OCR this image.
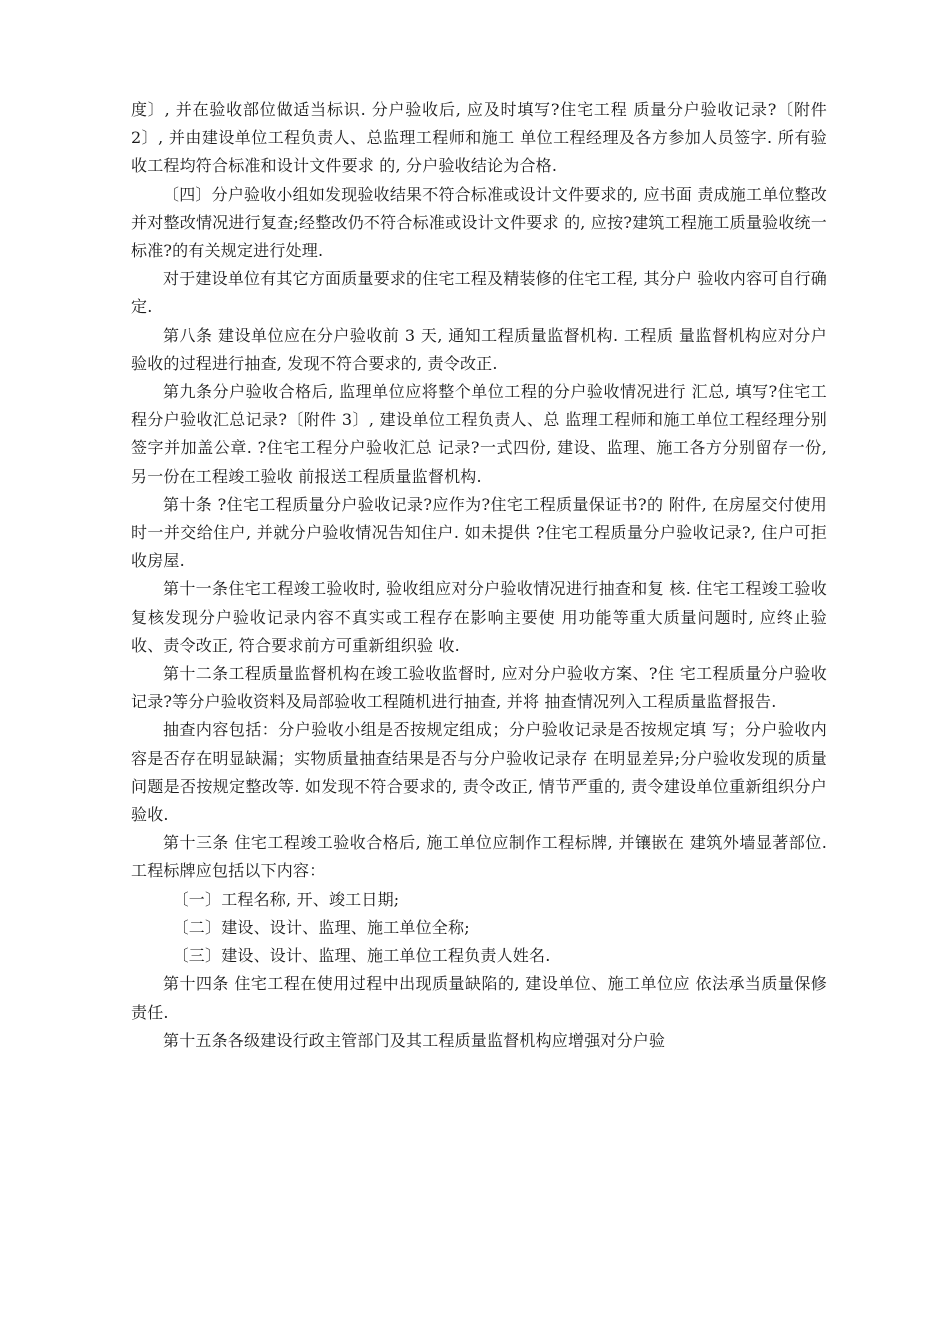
度〕, 并在验收部位做适当标识. 分户验收后, 应及时填写?住宅工程 质量分户验收记录?〔附件 2〕, 并由建设单位工程负责人、总监理工程师和施工 单位工程经理及各方参加人员签字. 所有验收工程均符合标准和设计文件要求 的, 分户验收结论为合格.

〔四〕分户验收小组如发现验收结果不符合标准或设计文件要求的, 应书面 责成施工单位整改并对整改情况进行复查;经整改仍不符合标准或设计文件要求 的, 应按?建筑工程施工质量验收统一标准?的有关规定进行处理.

对于建设单位有其它方面质量要求的住宅工程及精装修的住宅工程, 其分户 验收内容可自行确定.

第八条 建设单位应在分户验收前 3 天, 通知工程质量监督机构. 工程质 量监督机构应对分户验收的过程进行抽查, 发现不符合要求的, 责令改正.

第九条分户验收合格后, 监理单位应将整个单位工程的分户验收情况进行 汇总, 填写?住宅工程分户验收汇总记录?〔附件 3〕, 建设单位工程负责人、总 监理工程师和施工单位工程经理分别签字并加盖公章. ?住宅工程分户验收汇总 记录?一式四份, 建设、监理、施工各方分别留存一份, 另一份在工程竣工验收 前报送工程质量监督机构.

第十条 ?住宅工程质量分户验收记录?应作为?住宅工程质量保证书?的 附件, 在房屋交付使用时一并交给住户, 并就分户验收情况告知住户. 如未提供 ?住宅工程质量分户验收记录?, 住户可拒收房屋.

第十一条住宅工程竣工验收时, 验收组应对分户验收情况进行抽查和复 核. 住宅工程竣工验收复核发现分户验收记录内容不真实或工程存在影响主要使 用功能等重大质量问题时, 应终止验收、责令改正, 符合要求前方可重新组织验 收.

第十二条工程质量监督机构在竣工验收监督时, 应对分户验收方案、?住 宅工程质量分户验收记录?等分户验收资料及局部验收工程随机进行抽查, 并将 抽查情况列入工程质量监督报告.

抽查内容包括：分户验收小组是否按规定组成；分户验收记录是否按规定填 写；分户验收内容是否存在明显缺漏；实物质量抽查结果是否与分户验收记录存 在明显差异;分户验收发现的质量问题是否按规定整改等. 如发现不符合要求的, 责令改正, 情节严重的, 责令建设单位重新组织分户验收.

第十三条 住宅工程竣工验收合格后, 施工单位应制作工程标牌, 并镶嵌在 建筑外墙显著部位. 工程标牌应包括以下内容：

〔一〕工程名称, 开、竣工日期;

〔二〕建设、设计、监理、施工单位全称;

〔三〕建设、设计、监理、施工单位工程负责人姓名.

第十四条 住宅工程在使用过程中出现质量缺陷的, 建设单位、施工单位应 依法承当质量保修责任.

第十五条各级建设行政主管部门及其工程质量监督机构应增强对分户验
